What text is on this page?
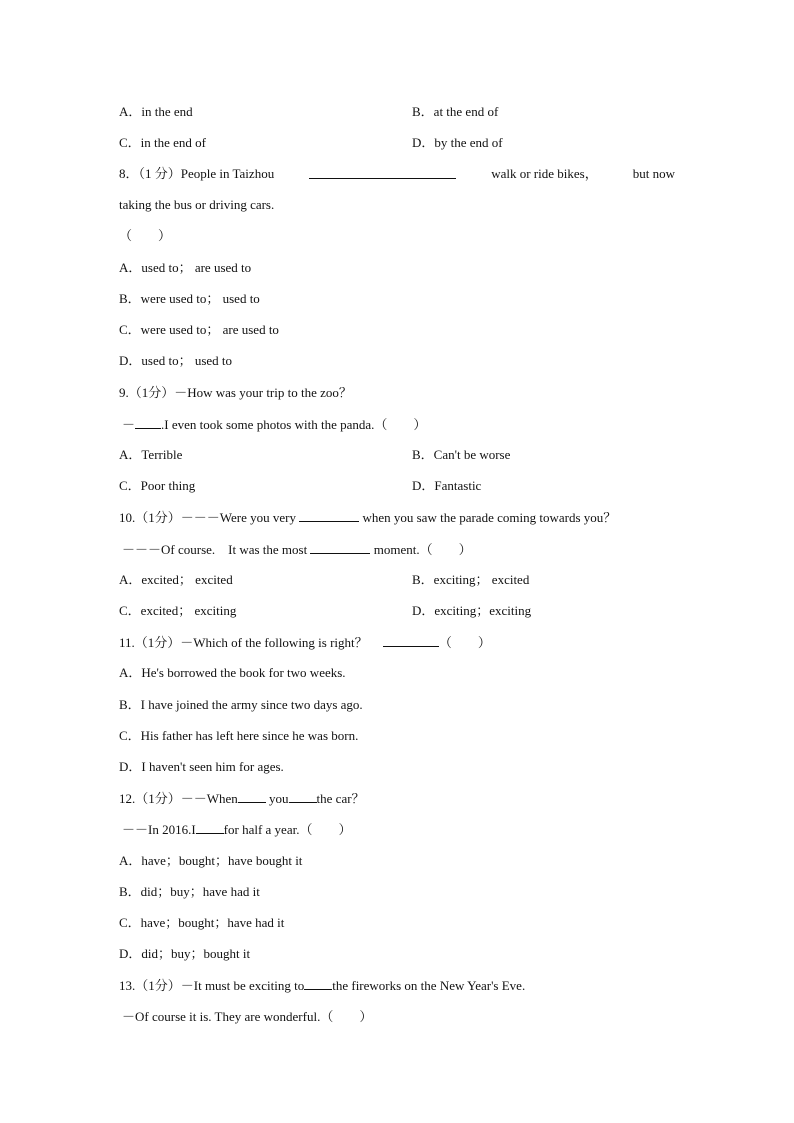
A．in the end	B．at the end of
C．in the end of	D．by the end of
8．（1 分）People in Taizhou	walk or ride bikes，	but now
taking the bus or driving cars.
（　　）
A．used to； are used to
B．were used to； used to
C．were used to； are used to
D．used to； used to
9.（1分）－How was your trip to the zoo？
－ .I even took some photos with the panda.（　　）
A．Terrible	B．Can't be worse
C．Poor thing	D．Fantastic
10.（1分）－－－Were you very	when you saw the parade coming towards you？
－－－Of course.　It was the most	moment.（　　）
A．excited； excited	B．exciting； excited
C．excited； exciting	D．exciting；exciting
11.（1分）－Which of the following is right？	（　　）
A．He's borrowed the book for two weeks.
B．I have joined the army since two days ago.
C．His father has left here since he was born.
D．I haven't seen him for ages.
12.（1分）－－When you the car？
－－In 2016.I for half a year.（　　）
A．have；bought；have bought it
B．did；buy；have had it
C．have；bought；have had it
D．did；buy；bought it
13.（1分）－It must be exciting to the fireworks on the New Year's Eve.
－Of course it is. They are wonderful.（　　）
